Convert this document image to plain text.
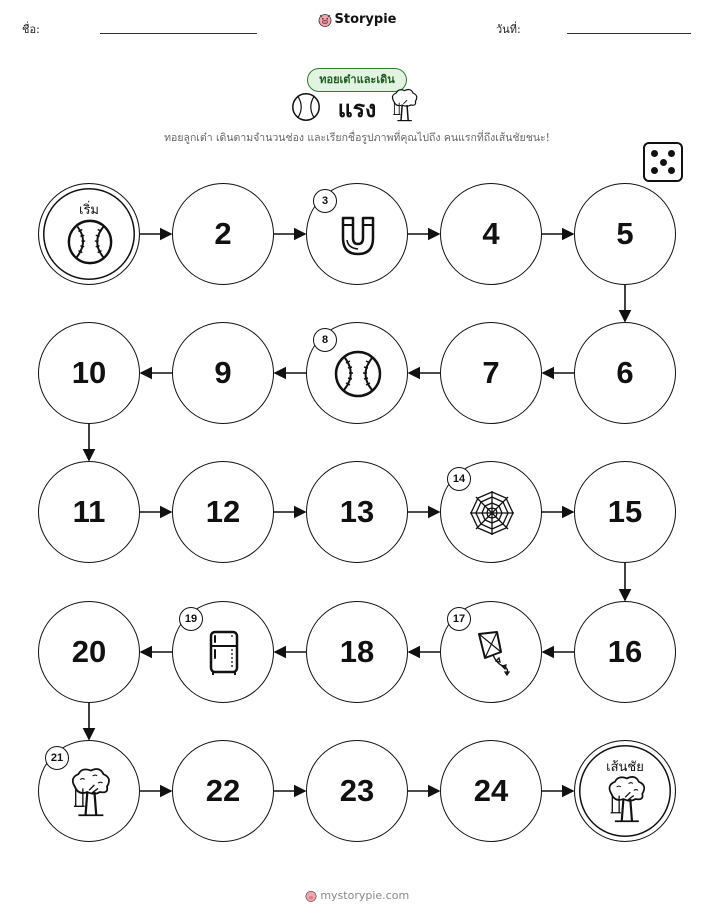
ชื่อ:	วันที่:
Storypie
ทอยเต๋าและเดิน
แรง
ทอยลูกเต๋า เดินตามจำนวนช่อง และเรียกชื่อรูปภาพที่คุณไปถึง คนแรกที่ถึงเส้นชัยชนะ!
เริ่ม
2
3
4	5
6
7
8
9
10
11	12	13
14
15
16
17
18
19
20
21
22	23	24
เส้นชัย
mystorypie.com
